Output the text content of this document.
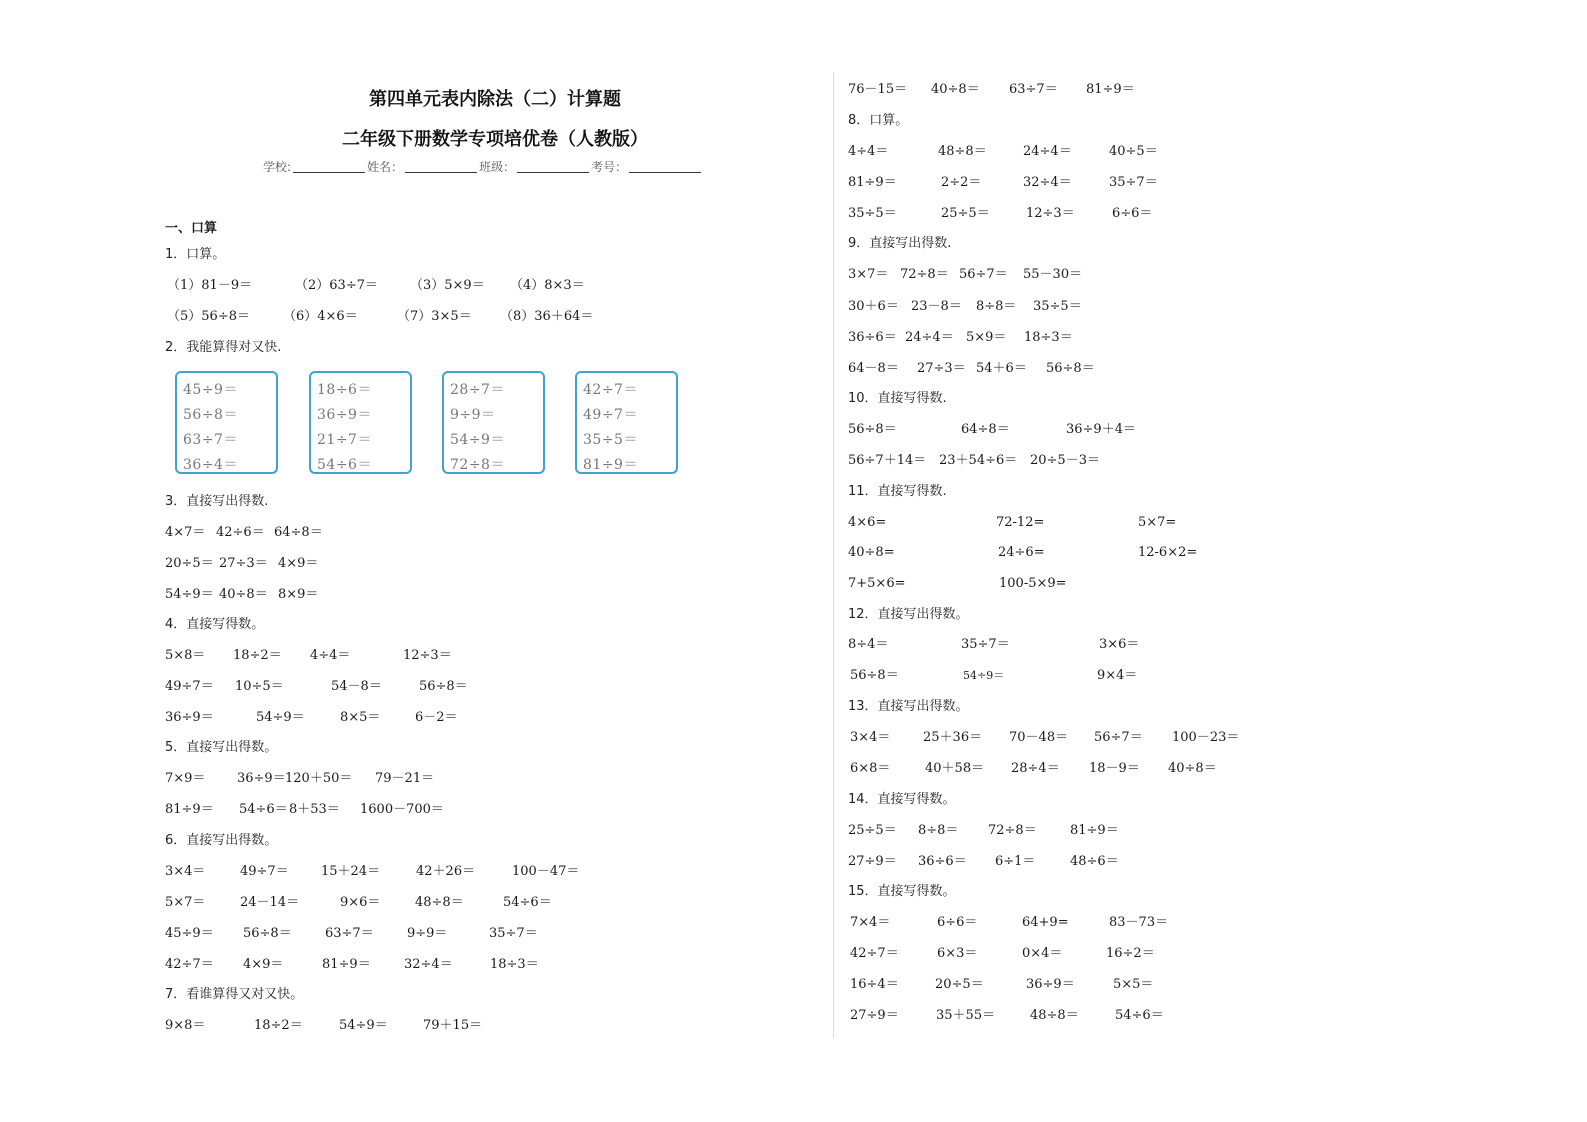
第四单元表内除法（二）计算题
二年级下册数学专项培优卷（人教版）
学校:	姓名：	班级：	考号：
一、口算
1．口算。
（1）81－9＝	（2）63÷7＝ （3）5×9＝ （4）8×3＝
（5）56÷8＝	（6）4×6＝	（7）3×5＝ （8）36＋64＝
2．我能算得对又快.
45÷9＝
56÷8＝
63÷7＝
36÷4＝
18÷6＝
36÷9＝
21÷7＝
54÷6＝
28÷7＝
9÷9＝
54÷9＝
72÷8＝
42÷7＝
49÷7＝
35÷5＝
81÷9＝
3．直接写出得数.
4×7＝ 42÷6＝ 64÷8＝
20÷5＝ 27÷3＝ 4×9＝
54÷9＝ 40÷8＝ 8×9＝
4．直接写得数。
5×8＝ 18÷2＝ 4÷4＝	12÷3＝
49÷7＝ 10÷5＝	54－8＝	56÷8＝
36÷9＝	54÷9＝	8×5＝	6－2＝
5．直接写出得数。
7×9＝ 36÷9＝ 120＋50＝ 79－21＝
81÷9＝ 54÷6＝ 8＋53＝ 1600－700＝
6．直接写出得数。
3×4＝	49÷7＝ 15＋24＝	42＋26＝	100－47＝
5×7＝	24－14＝	9×6＝	48÷8＝	54÷6＝
45÷9＝ 56÷8＝	63÷7＝	9÷9＝	35÷7＝
42÷7＝ 4×9＝	81÷9＝	32÷4＝	18÷3＝
7．看谁算得又对又快。
9×8＝	18÷2＝	54÷9＝	79＋15＝
76－15＝ 40÷8＝ 63÷7＝ 81÷9＝
8．口算。
4÷4＝	48÷8＝	24÷4＝	40÷5＝
81÷9＝	2÷2＝	32÷4＝	35÷7＝
35÷5＝	25÷5＝	12÷3＝	6÷6＝
9．直接写出得数.
3×7＝ 72÷8＝ 56÷7＝ 55－30＝
30＋6＝ 23－8＝ 8÷8＝ 35÷5＝
36÷6＝ 24÷4＝ 5×9＝ 18÷3＝
64－8＝ 27÷3＝ 54＋6＝ 56÷8＝
10．直接写得数.
56÷8＝	64÷8＝	36÷9＋4＝
56÷7＋14＝ 23＋54÷6＝ 20÷5－3＝
11．直接写得数.
4×6=	72-12=	5×7=
40÷8=	24÷6=	12-6×2=
7+5×6=	100-5×9=
12．直接写出得数。
8÷4＝	35÷7＝	3×6＝
56÷8＝	54÷9＝	9×4＝
13．直接写出得数。
3×4＝	25＋36＝ 70－48＝ 56÷7＝ 100－23＝
6×8＝	40＋58＝ 28÷4＝ 18－9＝ 40÷8＝
14．直接写得数。
25÷5＝ 8÷8＝ 72÷8＝	81÷9＝
27÷9＝ 36÷6＝ 6÷1＝	48÷6＝
15．直接写得数。
7×4＝	6÷6＝	64+9=	83－73＝
42÷7＝	6×3＝	0×4＝	16÷2＝
16÷4＝	20÷5＝	36÷9＝	5×5＝
27÷9＝	35＋55＝	48÷8＝	54÷6＝
